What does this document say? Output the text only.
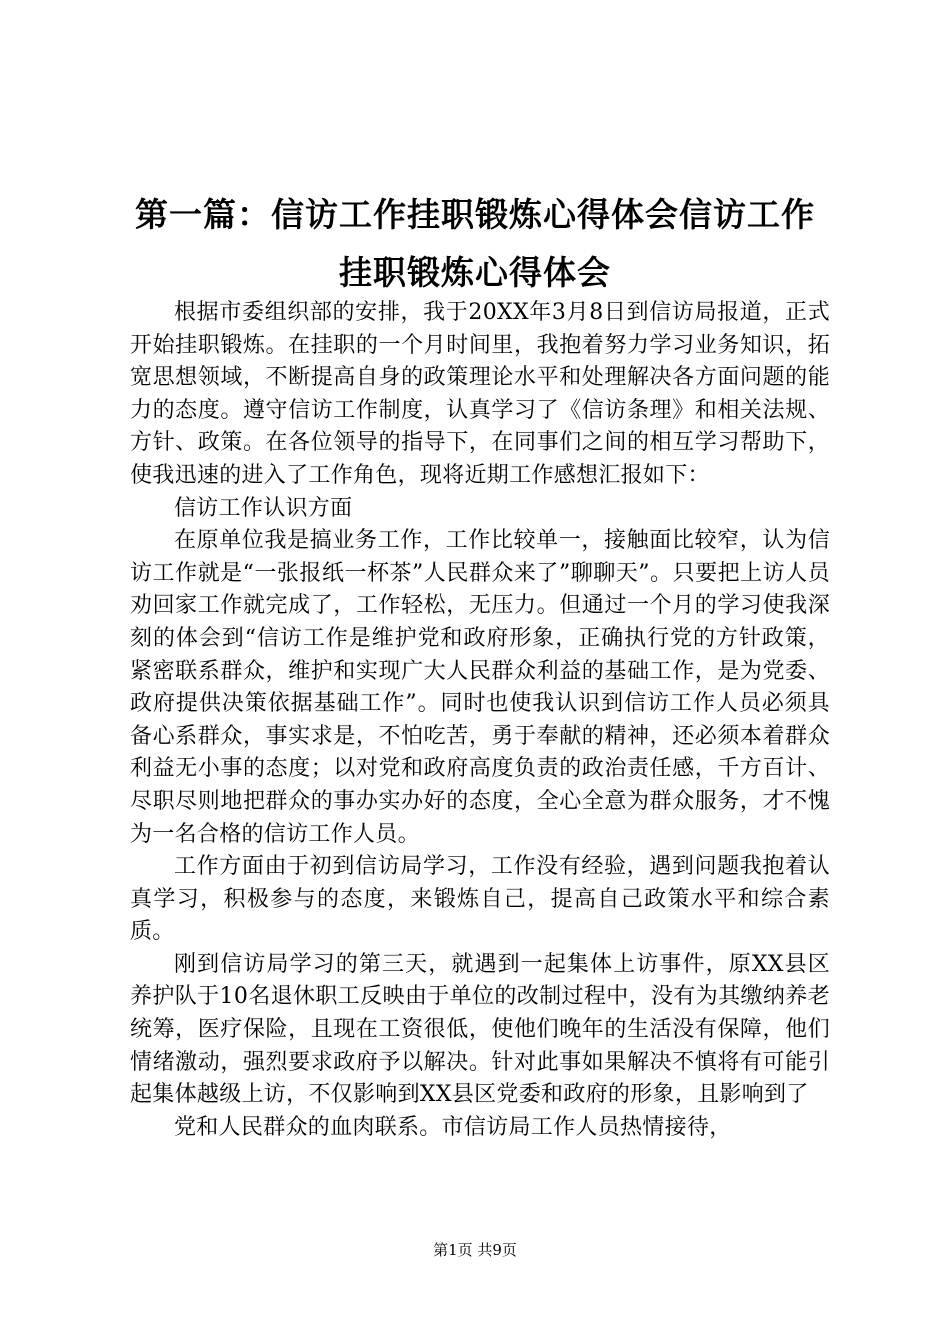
第一篇：信访工作挂职锻炼心得体会信访工作挂职锻炼心得体会

根据市委组织部的安排，我于20XX年3月8日到信访局报道，正式开始挂职锻炼。在挂职的一个月时间里，我抱着努力学习业务知识，拓宽思想领域，不断提高自身的政策理论水平和处理解决各方面问题的能力的态度。遵守信访工作制度，认真学习了《信访条理》和相关法规、方针、政策。在各位领导的指导下，在同事们之间的相互学习帮助下，使我迅速的进入了工作角色，现将近期工作感想汇报如下：

信访工作认识方面

在原单位我是搞业务工作，工作比较单一，接触面比较窄，认为信访工作就是“一张报纸一杯茶”人民群众来了”聊聊天”。只要把上访人员劝回家工作就完成了，工作轻松，无压力。但通过一个月的学习使我深刻的体会到“信访工作是维护党和政府形象，正确执行党的方针政策，紧密联系群众，维护和实现广大人民群众利益的基础工作，是为党委、政府提供决策依据基础工作”。同时也使我认识到信访工作人员必须具备心系群众，事实求是，不怕吃苦，勇于奉献的精神，还必须本着群众利益无小事的态度；以对党和政府高度负责的政治责任感，千方百计、尽职尽则地把群众的事办实办好的态度，全心全意为群众服务，才不愧为一名合格的信访工作人员。

工作方面由于初到信访局学习，工作没有经验，遇到问题我抱着认真学习，积极参与的态度，来锻炼自己，提高自己政策水平和综合素质。

刚到信访局学习的第三天，就遇到一起集体上访事件，原XX县区养护队于10名退休职工反映由于单位的改制过程中，没有为其缴纳养老统筹，医疗保险，且现在工资很低，使他们晚年的生活没有保障，他们情绪激动，强烈要求政府予以解决。针对此事如果解决不慎将有可能引起集体越级上访，不仅影响到XX县区党委和政府的形象，且影响到了

党和人民群众的血肉联系。市信访局工作人员热情接待，

第1页 共9页
